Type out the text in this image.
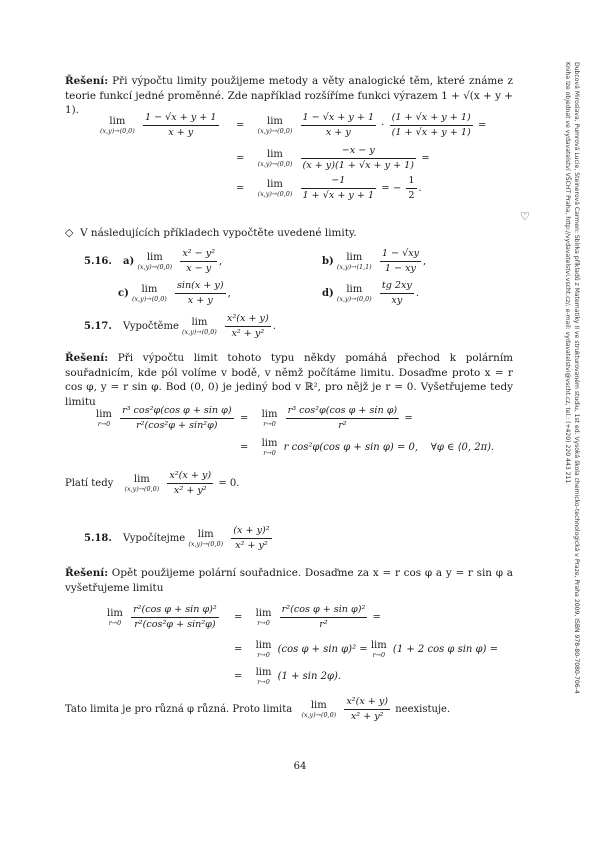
Dubcová Miroslava, Pumrová Lucie, Steinerová Carmen: Sbírka příkladů z Matematiky II ve strukturovaném studiu, 1st ed. Vysoká škola chemicko-technologická v Praze, Praha 2009, ISBN 978-80-7080-706-4
Kniha lze objednat ve vydavatelství VŠCHT Praha, http://vydavatelstvi.vscht.cz/, e-mail: vydavatelstvi@vscht.cz, tel.: (+420) 220 443 211
Řešení: Při výpočtu limity použijeme metody a věty analogické těm, které známe z teorie funkcí jedné proměnné. Zde například rozšíříme funkci výrazem 1 + √(x + y + 1).
lim
(x,y)→(0,0)
$\frac{1 - √x + y + 1}{x + y}$ =	lim
(x,y)→(0,0)
$\frac{1 - √x + y + 1}{x + y} \cdot \frac{(1 + √x + y + 1)}{(1 + √x + y + 1)}$ =
=	lim
(x,y)→(0,0)
$\frac{-x - y}{(x + y)(1 + √x + y + 1)}$ =
=	lim
(x,y)→(0,0)
$\frac{-1}{1 + √x + y + 1}$ = − $\frac{1}{2}$ .
♡
◇ V následujících příkladech vypočtěte uvedené limity.
5.16. a)	lim
(x,y)→(0,0)
$\frac{\text{x² − y²}}{x - y}$ ,	b)	lim
(x,y)→(1,1)
$\frac{1 - √xy}{1 - xy}$ ,
c)	lim
(x,y)→(0,0)
$\frac{\sin(x + y)}{x + y}$ ,	d)	lim
(x,y)→(0,0)
$\frac{tg 2xy}{xy}$ .
5.17. Vypočtěme	lim
(x,y)→(0,0)
$\frac{\text{x²(x + y)}}{\text{x² + y²}}$ .
Řešení: Při výpočtu limit tohoto typu někdy pomáhá přechod k polárním souřadnicím, kde pól volíme v bodě, v němž počítáme limitu. Dosaďme proto x = r cos φ, y = r sin φ. Bod (0, 0) je jediný bod v ℝ², pro nějž je r = 0. Vyšetřujeme tedy limitu
lim
r→0
$\frac{\text{r³ cos²φ(cos φ + sin φ)}}{\text{r²(cos²φ + sin²φ)}} = \lim$
r→0
$\frac{\text{r³ cos²φ(cos φ + sin φ)}}{\text{r²}}$ =
= lim
r→0
r cos²φ(cos φ + sin φ) = 0,    ∀φ ∈ ⟨0, 2π).
Platí tedy	lim
(x,y)→(0,0)
$\frac{\text{x²(x + y)}}{\text{x² + y²}} = 0$.
5.18. Vypočítejme	lim
(x,y)→(0,0)
$\frac{\text{(x + y)²}}{\text{x² + y²}}$
Řešení: Opět použijeme polární souřadnice. Dosaďme za x = r cos φ a y = r sin φ a vyšetřujeme limitu
lim
r→0
$\frac{\text{r²(cos φ + sin φ)²}}{\text{r²(cos²φ + sin²φ)}} = \lim$
r→0
$\frac{\text{r²(cos φ + sin φ)²}}{\text{r²}}$ =
= lim
r→0
(cos φ + sin φ)² = lim
r→0
(1 + 2 cos φ sin φ) =
= lim
r→0
(1 + sin 2φ).
Tato limita je pro různá φ různá. Proto limita	lim
(x,y)→(0,0)
$\frac{\text{x²(x + y)}}{\text{x² + y²}}$ neexistuje.
64
